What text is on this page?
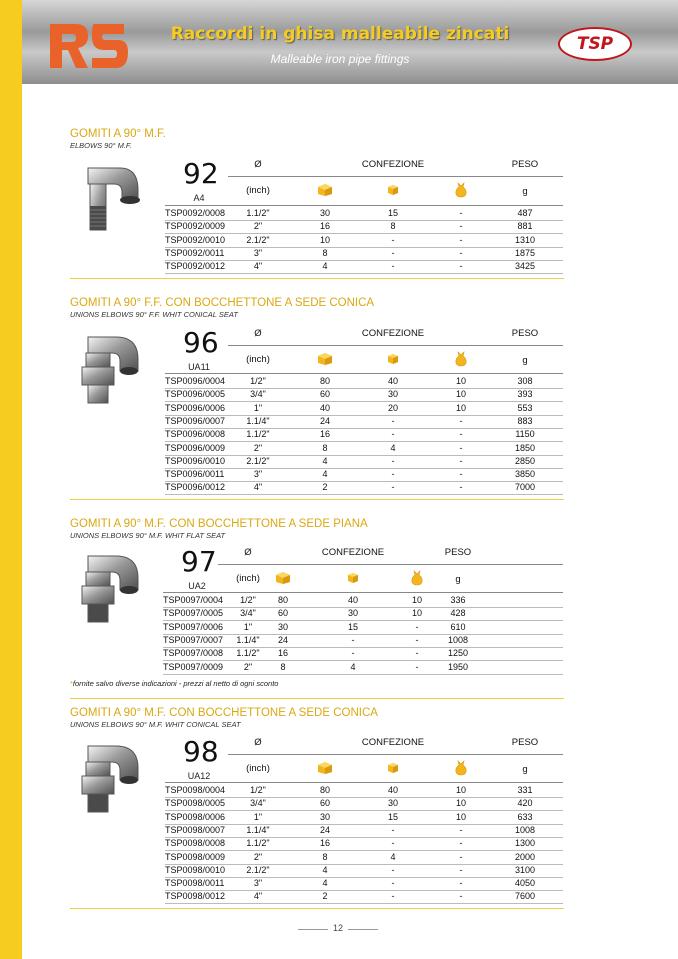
Raccordi in ghisa malleabile zincati
Malleable iron pipe fittings
TSP
GOMITI A 90° M.F.
ELBOWS 90° M.F.
92
A4
Ø	CONFEZIONE	PESO
(inch)	g
TSP0092/0008	1.1/2"	30	15	-	487
TSP0092/0009	2"	16	8	-	881
TSP0092/0010	2.1/2"	10	-	-	1310
TSP0092/0011	3"	8	-	-	1875
TSP0092/0012	4"	4	-	-	3425
GOMITI A 90° F.F. CON BOCCHETTONE A SEDE CONICA
UNIONS ELBOWS 90° F.F. WHIT CONICAL SEAT
96
UA11
Ø	CONFEZIONE	PESO
(inch)	g
TSP0096/0004	1/2"	80	40	10	308
TSP0096/0005	3/4"	60	30	10	393
TSP0096/0006	1"	40	20	10	553
TSP0096/0007	1.1/4"	24	-	-	883
TSP0096/0008	1.1/2"	16	-	-	1150
TSP0096/0009	2"	8	4	-	1850
TSP0096/0010	2.1/2"	4	-	-	2850
TSP0096/0011	3"	4	-	-	3850
TSP0096/0012	4"	2	-	-	7000
GOMITI A 90° M.F. CON BOCCHETTONE A SEDE PIANA
UNIONS ELBOWS 90° M.F. WHIT FLAT SEAT
97
UA2
Ø	CONFEZIONE	PESO
(inch)	g
TSP0097/0004	1/2"	80	40	10	336
TSP0097/0005	3/4"	60	30	10	428
TSP0097/0006	1"	30	15	-	610
TSP0097/0007	1.1/4"	24	-	-	1008
TSP0097/0008	1.1/2"	16	-	-	1250
TSP0097/0009	2"	8	4	-	1950
GOMITI A 90° M.F. CON BOCCHETTONE A SEDE CONICA
UNIONS ELBOWS 90° M.F. WHIT CONICAL SEAT
98
UA12
Ø	CONFEZIONE	PESO
(inch)	g
TSP0098/0004	1/2"	80	40	10	331
TSP0098/0005	3/4"	60	30	10	420
TSP0098/0006	1"	30	15	10	633
TSP0098/0007	1.1/4"	24	-	-	1008
TSP0098/0008	1.1/2"	16	-	-	1300
TSP0098/0009	2"	8	4	-	2000
TSP0098/0010	2.1/2"	4	-	-	3100
TSP0098/0011	3"	4	-	-	4050
TSP0098/0012	4"	2	-	-	7600
*fornite salvo diverse indicazioni - prezzi al netto di ogni sconto
12
